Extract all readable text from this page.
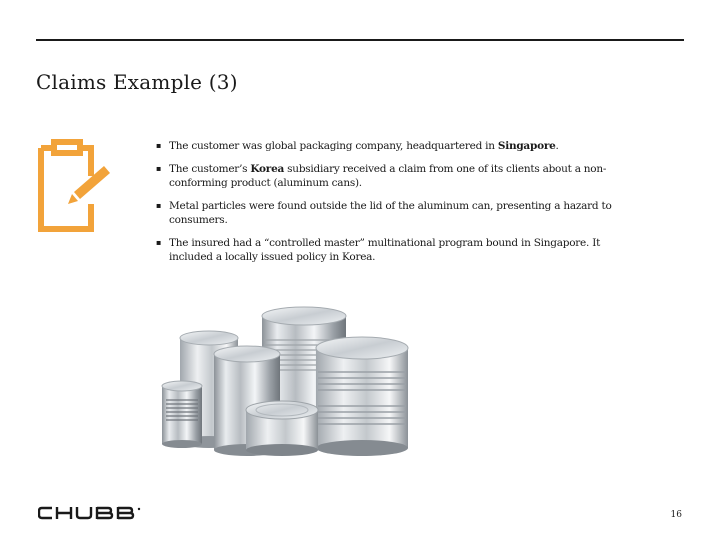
Claims Example (3)
▪ The customer was global packaging company, headquartered in Singapore.
▪ The customer’s Korea subsidiary received a claim from one of its clients about a non-conforming product (aluminum cans).
▪ Metal particles were found outside the lid of the aluminum can, presenting a hazard to consumers.
▪ The insured had a “controlled master” multinational program bound in Singapore. It included a locally issued policy in Korea.
16
